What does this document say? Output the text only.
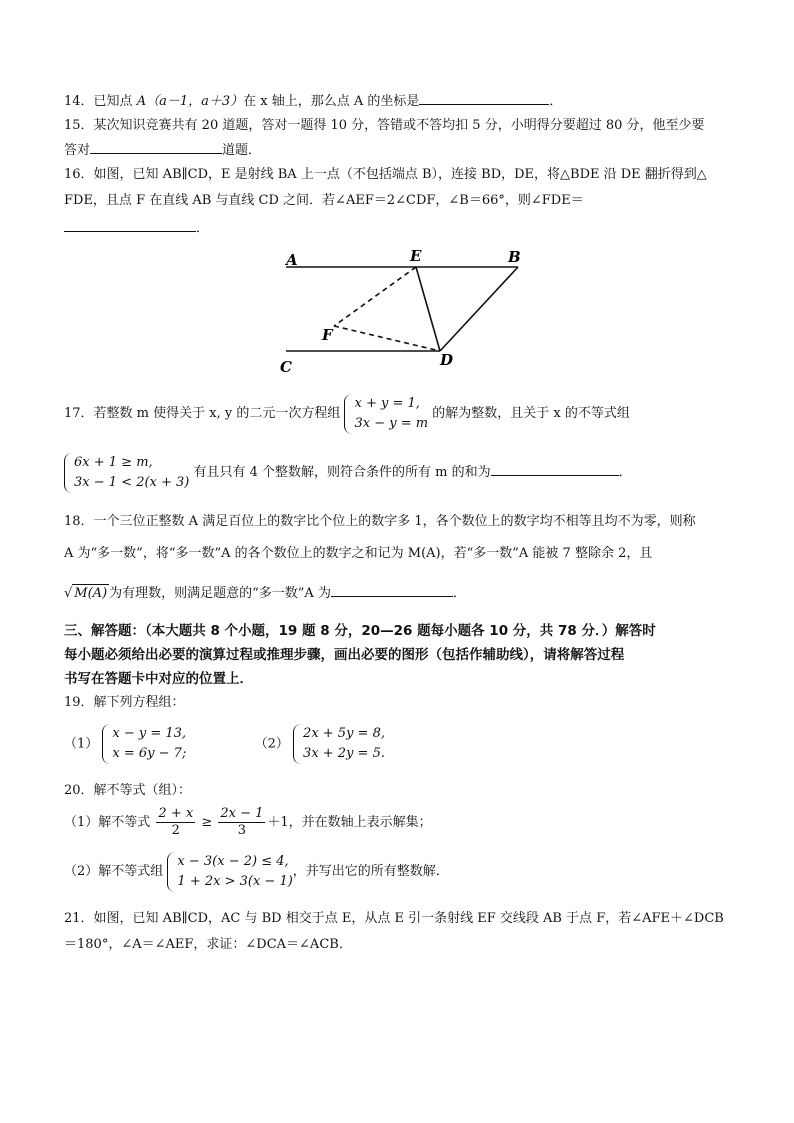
14．已知点 A（a－1，a＋3）在 x 轴上，那么点 A 的坐标是	．
15．某次知识竞赛共有 20 道题，答对一题得 10 分，答错或不答均扣 5 分，小明得分要超过 80 分，他至少要
答对	道题．
16．如图，已知 AB∥CD，E 是射线 BA 上一点（不包括端点 B），连接 BD，DE，将△BDE 沿 DE 翻折得到△
FDE，且点 F 在直线 AB 与直线 CD 之间．若∠AEF＝2∠CDF，∠B＝66°，则∠FDE＝
．
A	E	B
F
C	D
17．若整数 m 使得关于 x, y 的二元一次方程组
x + y = 1,
3x − y = m
的解为整数，且关于 x 的不等式组
6x + 1 ≥ m,
3x − 1 < 2(x + 3)
有且只有 4 个整数解，则符合条件的所有 m 的和为	．
18．一个三位正整数 A 满足百位上的数字比个位上的数字多 1，各个数位上的数字均不相等且均不为零，则称
A 为“多一数”，将“多一数”A 的各个数位上的数字之和记为 M(A)，若“多一数”A 能被 7 整除余 2，且
√ M(A) 为有理数，则满足题意的“多一数”A 为	．
三、解答题：（本大题共 8 个小题，19 题 8 分，20—26 题每小题各 10 分，共 78 分．）解答时
每小题必须给出必要的演算过程或推理步骤，画出必要的图形（包括作辅助线），请将解答过程
书写在答题卡中对应的位置上．
19．解下列方程组：
（1）
x − y = 13,
x = 6y − 7;
（2）
2x + 5y = 8,
3x + 2y = 5.
20．解不等式（组）：
（1）解不等式 $\frac{2 + x}{2} \ge \frac{2x - 1}{3} +1$，并在数轴上表示解集；
（2）解不等式组
x − 3(x − 2) ≤ 4,
1 + 2x > 3(x − 1)
，并写出它的所有整数解．
21．如图，已知 AB∥CD，AC 与 BD 相交于点 E，从点 E 引一条射线 EF 交线段 AB 于点 F，若∠AFE＋∠DCB
＝180°，∠A＝∠AEF，求证：∠DCA＝∠ACB．
